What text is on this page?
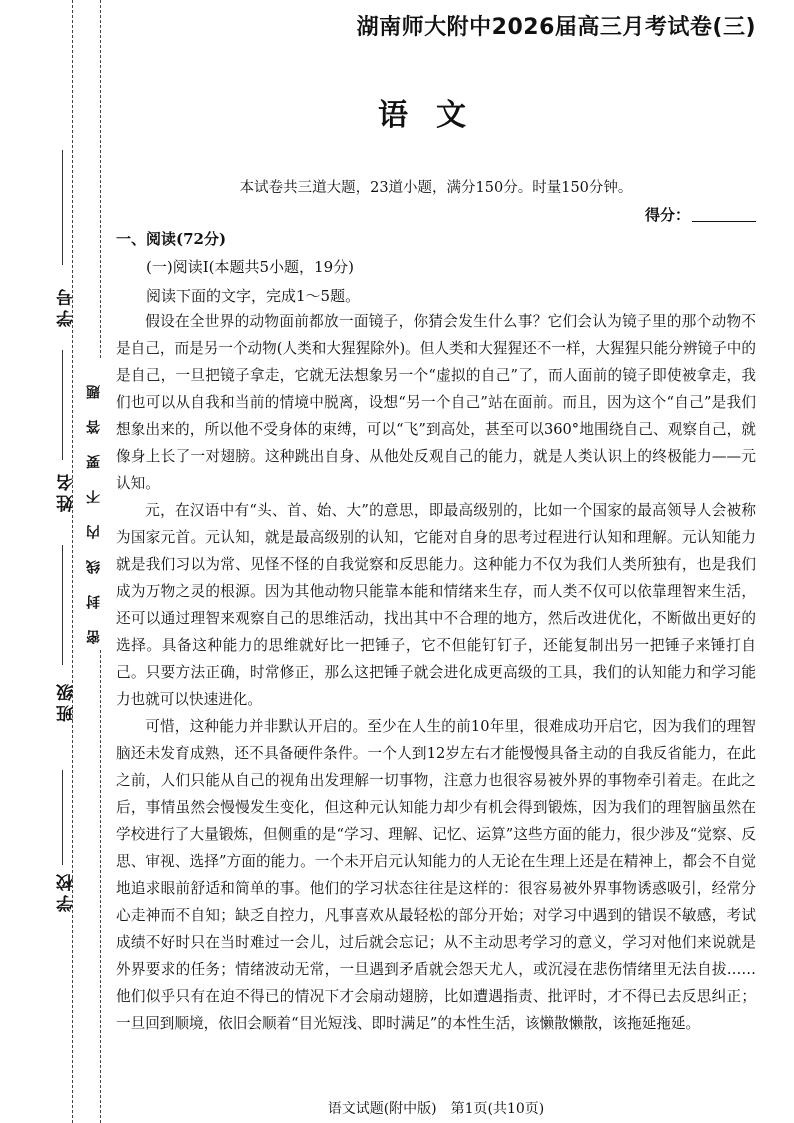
学号
姓名
班级
学校
密封线内不要答题
湖南师大附中2026届高三月考试卷(三)
语文
本试卷共三道大题，23道小题，满分150分。时量150分钟。
得分：
一、阅读(72分)
(一)阅读Ⅰ(本题共5小题，19分)
阅读下面的文字，完成1～5题。

假设在全世界的动物面前都放一面镜子，你猜会发生什么事？它们会认为镜子里的那个动物不是自己，而是另一个动物(人类和大猩猩除外)。但人类和大猩猩还不一样，大猩猩只能分辨镜子中的是自己，一旦把镜子拿走，它就无法想象另一个“虚拟的自己”了，而人面前的镜子即使被拿走，我们也可以从自我和当前的情境中脱离，设想“另一个自己”站在面前。而且，因为这个“自己”是我们想象出来的，所以他不受身体的束缚，可以“飞”到高处，甚至可以360°地围绕自己、观察自己，就像身上长了一对翅膀。这种跳出自身、从他处反观自己的能力，就是人类认识上的终极能力——元认知。

元，在汉语中有“头、首、始、大”的意思，即最高级别的，比如一个国家的最高领导人会被称为国家元首。元认知，就是最高级别的认知，它能对自身的思考过程进行认知和理解。元认知能力就是我们习以为常、见怪不怪的自我觉察和反思能力。这种能力不仅为我们人类所独有，也是我们成为万物之灵的根源。因为其他动物只能靠本能和情绪来生存，而人类不仅可以依靠理智来生活，还可以通过理智来观察自己的思维活动，找出其中不合理的地方，然后改进优化，不断做出更好的选择。具备这种能力的思维就好比一把锤子，它不但能钉钉子，还能复制出另一把锤子来锤打自己。只要方法正确，时常修正，那么这把锤子就会进化成更高级的工具，我们的认知能力和学习能力也就可以快速进化。

可惜，这种能力并非默认开启的。至少在人生的前10年里，很难成功开启它，因为我们的理智脑还未发育成熟，还不具备硬件条件。一个人到12岁左右才能慢慢具备主动的自我反省能力，在此之前，人们只能从自己的视角出发理解一切事物，注意力也很容易被外界的事物牵引着走。在此之后，事情虽然会慢慢发生变化，但这种元认知能力却少有机会得到锻炼，因为我们的理智脑虽然在学校进行了大量锻炼，但侧重的是“学习、理解、记忆、运算”这些方面的能力，很少涉及“觉察、反思、审视、选择”方面的能力。一个未开启元认知能力的人无论在生理上还是在精神上，都会不自觉地追求眼前舒适和简单的事。他们的学习状态往往是这样的：很容易被外界事物诱惑吸引，经常分心走神而不自知；缺乏自控力，凡事喜欢从最轻松的部分开始；对学习中遇到的错误不敏感，考试成绩不好时只在当时难过一会儿，过后就会忘记；从不主动思考学习的意义，学习对他们来说就是外界要求的任务；情绪波动无常，一旦遇到矛盾就会怨天尤人，或沉浸在悲伤情绪里无法自拔……他们似乎只有在迫不得已的情况下才会扇动翅膀，比如遭遇指责、批评时，才不得已去反思纠正；一旦回到顺境，依旧会顺着“目光短浅、即时满足”的本性生活，该懒散懒散，该拖延拖延。

语文试题(附中版)　第1页(共10页)
